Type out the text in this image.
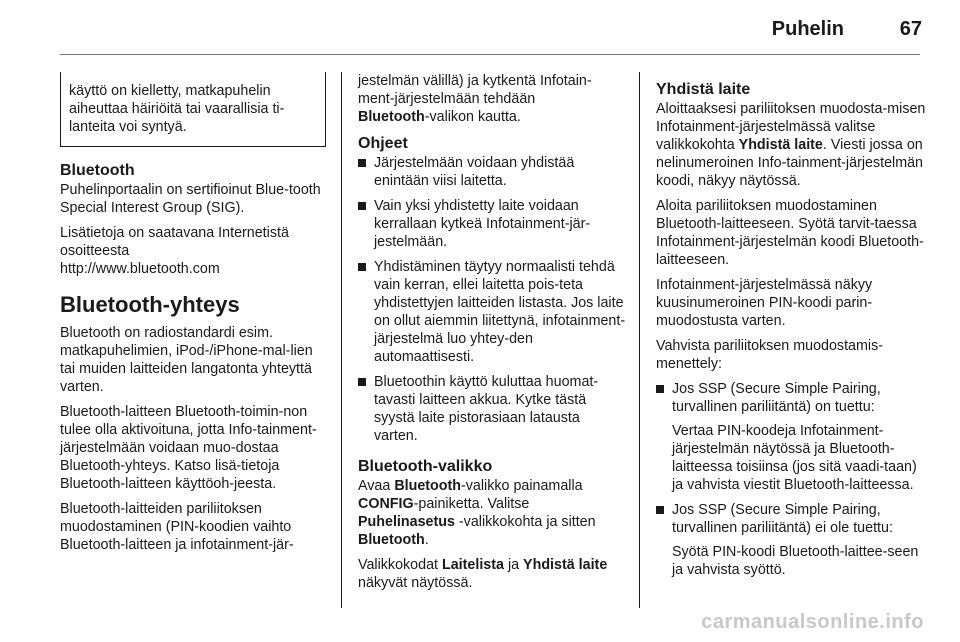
Puhelin	67
käyttö on kielletty, matkapuhelin aiheuttaa häiriöitä tai vaarallisia ti-lanteita voi syntyä.
Bluetooth

Puhelinportaalin on sertifioinut Blue-tooth Special Interest Group (SIG).

Lisätietoja on saatavana Internetistä osoitteesta
http://www.bluetooth.com

Bluetooth-yhteys

Bluetooth on radiostandardi esim. matkapuhelimien, iPod-/iPhone-mal-lien tai muiden laitteiden langatonta yhteyttä varten.

Bluetooth-laitteen Bluetooth-toimin-non tulee olla aktivoituna, jotta Info-tainment-järjestelmään voidaan muo-dostaa Bluetooth-yhteys. Katso lisä-tietoja Bluetooth-laitteen käyttöoh-jeesta.

Bluetooth-laitteiden pariliitoksen muodostaminen (PIN-koodien vaihto Bluetooth-laitteen ja infotainment-jär-

jestelmän välillä) ja kytkentä Infotain-ment-järjestelmään tehdään
Bluetooth-valikon kautta.

Ohjeet
Järjestelmään voidaan yhdistää enintään viisi laitetta.
Vain yksi yhdistetty laite voidaan kerrallaan kytkeä Infotainment-jär-jestelmään.
Yhdistäminen täytyy normaalisti tehdä vain kerran, ellei laitetta pois-teta yhdistettyjen laitteiden listasta. Jos laite on ollut aiemmin liitettynä, infotainment-järjestelmä luo yhtey-den automaattisesti.
Bluetoothin käyttö kuluttaa huomat-tavasti laitteen akkua. Kytke tästä syystä laite pistorasiaan latausta varten.
Bluetooth-valikko

Avaa Bluetooth-valikko painamalla CONFIG-painiketta. Valitse Puhelinasetus -valikkokohta ja sitten Bluetooth.

Valikkokodat Laitelista ja Yhdistä laite näkyvät näytössä.

Yhdistä laite

Aloittaaksesi pariliitoksen muodosta-misen Infotainment-järjestelmässä valitse valikkokohta Yhdistä laite. Viesti jossa on nelinumeroinen Info-tainment-järjestelmän koodi, näkyy näytössä.

Aloita pariliitoksen muodostaminen Bluetooth-laitteeseen. Syötä tarvit-taessa Infotainment-järjestelmän koodi Bluetooth-laitteeseen.

Infotainment-järjestelmässä näkyy kuusinumeroinen PIN-koodi parin-muodostusta varten.

Vahvista pariliitoksen muodostamis-menettely:

Jos SSP (Secure Simple Pairing, turvallinen pariliitäntä) on tuettu:

Vertaa PIN-koodeja Infotainment-järjestelmän näytössä ja Bluetooth-laitteessa toisiinsa (jos sitä vaadi-taan) ja vahvista viestit Bluetooth-laitteessa.

Jos SSP (Secure Simple Pairing, turvallinen pariliitäntä) ei ole tuettu:

Syötä PIN-koodi Bluetooth-laittee-seen ja vahvista syöttö.

carmanualsonline.info
